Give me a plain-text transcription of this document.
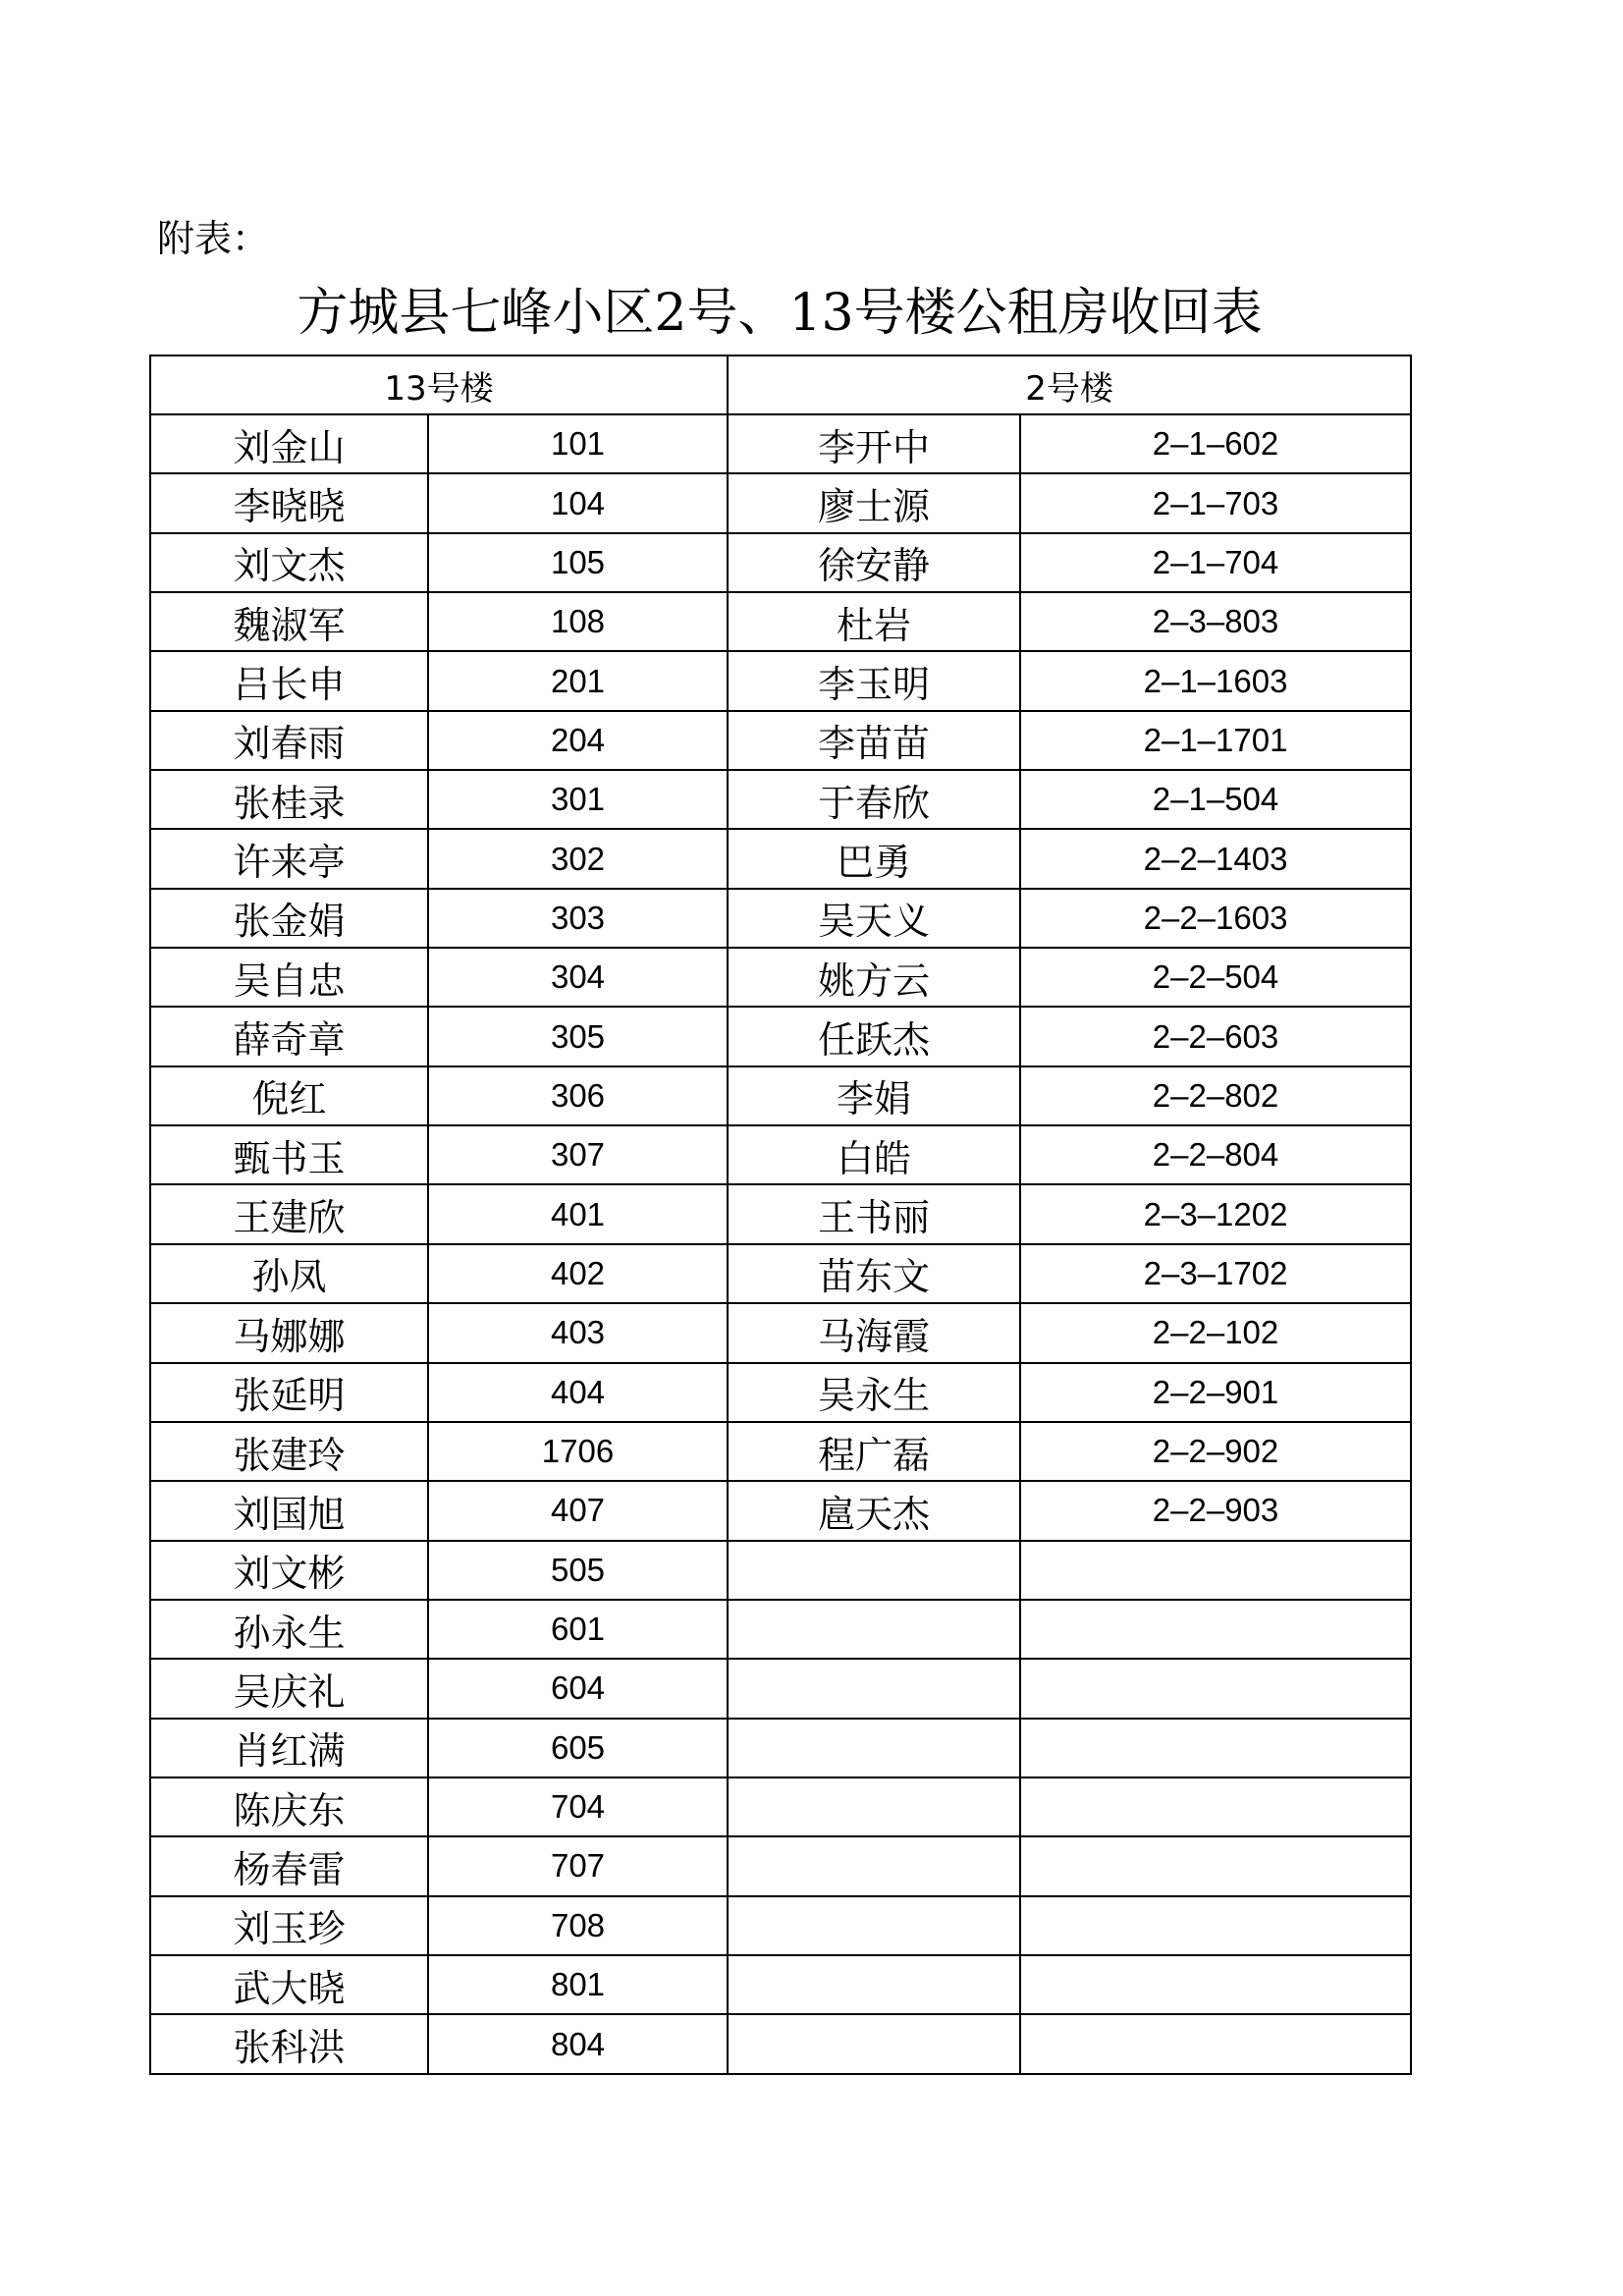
附表：
方城县七峰小区2号、13号楼公租房收回表
13号楼		2号楼	
刘金山	101	李开中	2–1–602
李晓晓	104	廖士源	2–1–703
刘文杰	105	徐安静	2–1–704
魏淑军	108	杜岩	2–3–803
吕长申	201	李玉明	2–1–1603
刘春雨	204	李苗苗	2–1–1701
张桂录	301	于春欣	2–1–504
许来亭	302	巴勇	2–2–1403
张金娟	303	吴天义	2–2–1603
吴自忠	304	姚方云	2–2–504
薛奇章	305	任跃杰	2–2–603
倪红	306	李娟	2–2–802
甄书玉	307	白皓	2–2–804
王建欣	401	王书丽	2–3–1202
孙凤	402	苗东文	2–3–1702
马娜娜	403	马海霞	2–2–102
张延明	404	吴永生	2–2–901
张建玲	1706	程广磊	2–2–902
刘国旭	407	扈天杰	2–2–903
刘文彬	505		
孙永生	601		
吴庆礼	604		
肖红满	605		
陈庆东	704		
杨春雷	707		
刘玉珍	708		
武大晓	801		
张科洪	804		
